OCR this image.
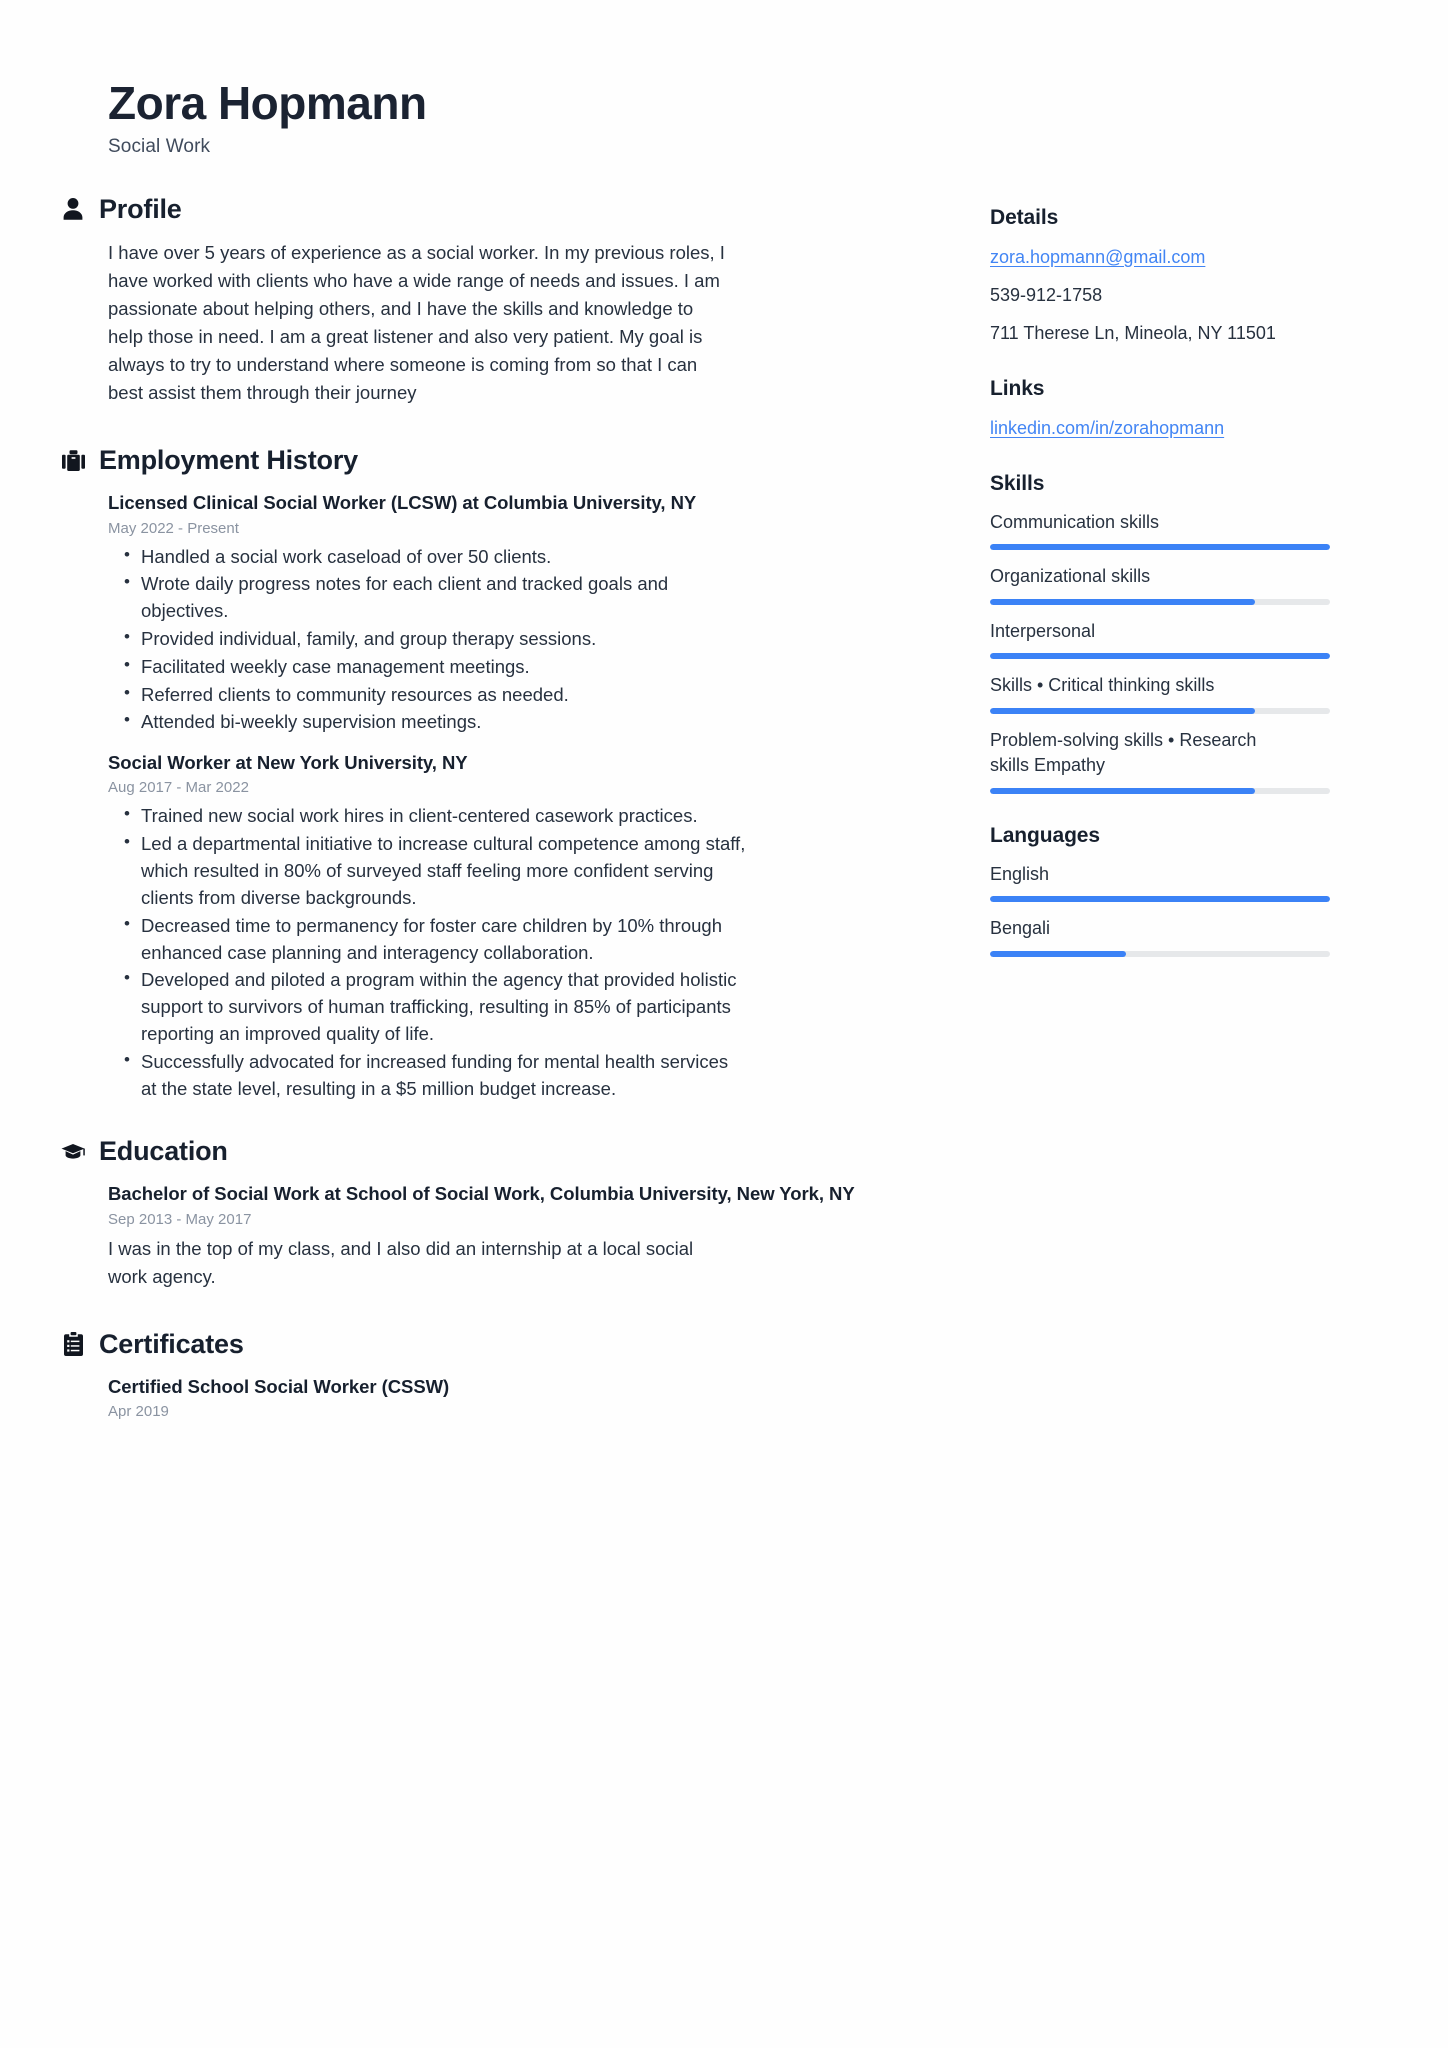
Zora Hopmann
Social Work
Profile

I have over 5 years of experience as a social worker. In my previous roles, I have worked with clients who have a wide range of needs and issues. I am passionate about helping others, and I have the skills and knowledge to help those in need. I am a great listener and also very patient. My goal is always to try to understand where someone is coming from so that I can best assist them through their journey

Employment History
Licensed Clinical Social Worker (LCSW) at Columbia University, NY
May 2022 - Present
• Handled a social work caseload of over 50 clients.
• Wrote daily progress notes for each client and tracked goals and objectives.
• Provided individual, family, and group therapy sessions.
• Facilitated weekly case management meetings.
• Referred clients to community resources as needed.
• Attended bi-weekly supervision meetings.
Social Worker at New York University, NY
Aug 2017 - Mar 2022
• Trained new social work hires in client-centered casework practices.
• Led a departmental initiative to increase cultural competence among staff, which resulted in 80% of surveyed staff feeling more confident serving clients from diverse backgrounds.
• Decreased time to permanency for foster care children by 10% through enhanced case planning and interagency collaboration.
• Developed and piloted a program within the agency that provided holistic support to survivors of human trafficking, resulting in 85% of participants reporting an improved quality of life.
• Successfully advocated for increased funding for mental health services at the state level, resulting in a $5 million budget increase.
Education
Bachelor of Social Work at School of Social Work, Columbia University, New York, NY
Sep 2013 - May 2017
I was in the top of my class, and I also did an internship at a local social work agency.
Certificates
Certified School Social Worker (CSSW)
Apr 2019
Details
zora.hopmann@gmail.com
539-912-1758
711 Therese Ln, Mineola, NY 11501
Links
linkedin.com/in/zorahopmann
Skills
Communication skills
Organizational skills
Interpersonal
Skills • Critical thinking skills
Problem-solving skills • Research skills Empathy
Languages
English
Bengali
